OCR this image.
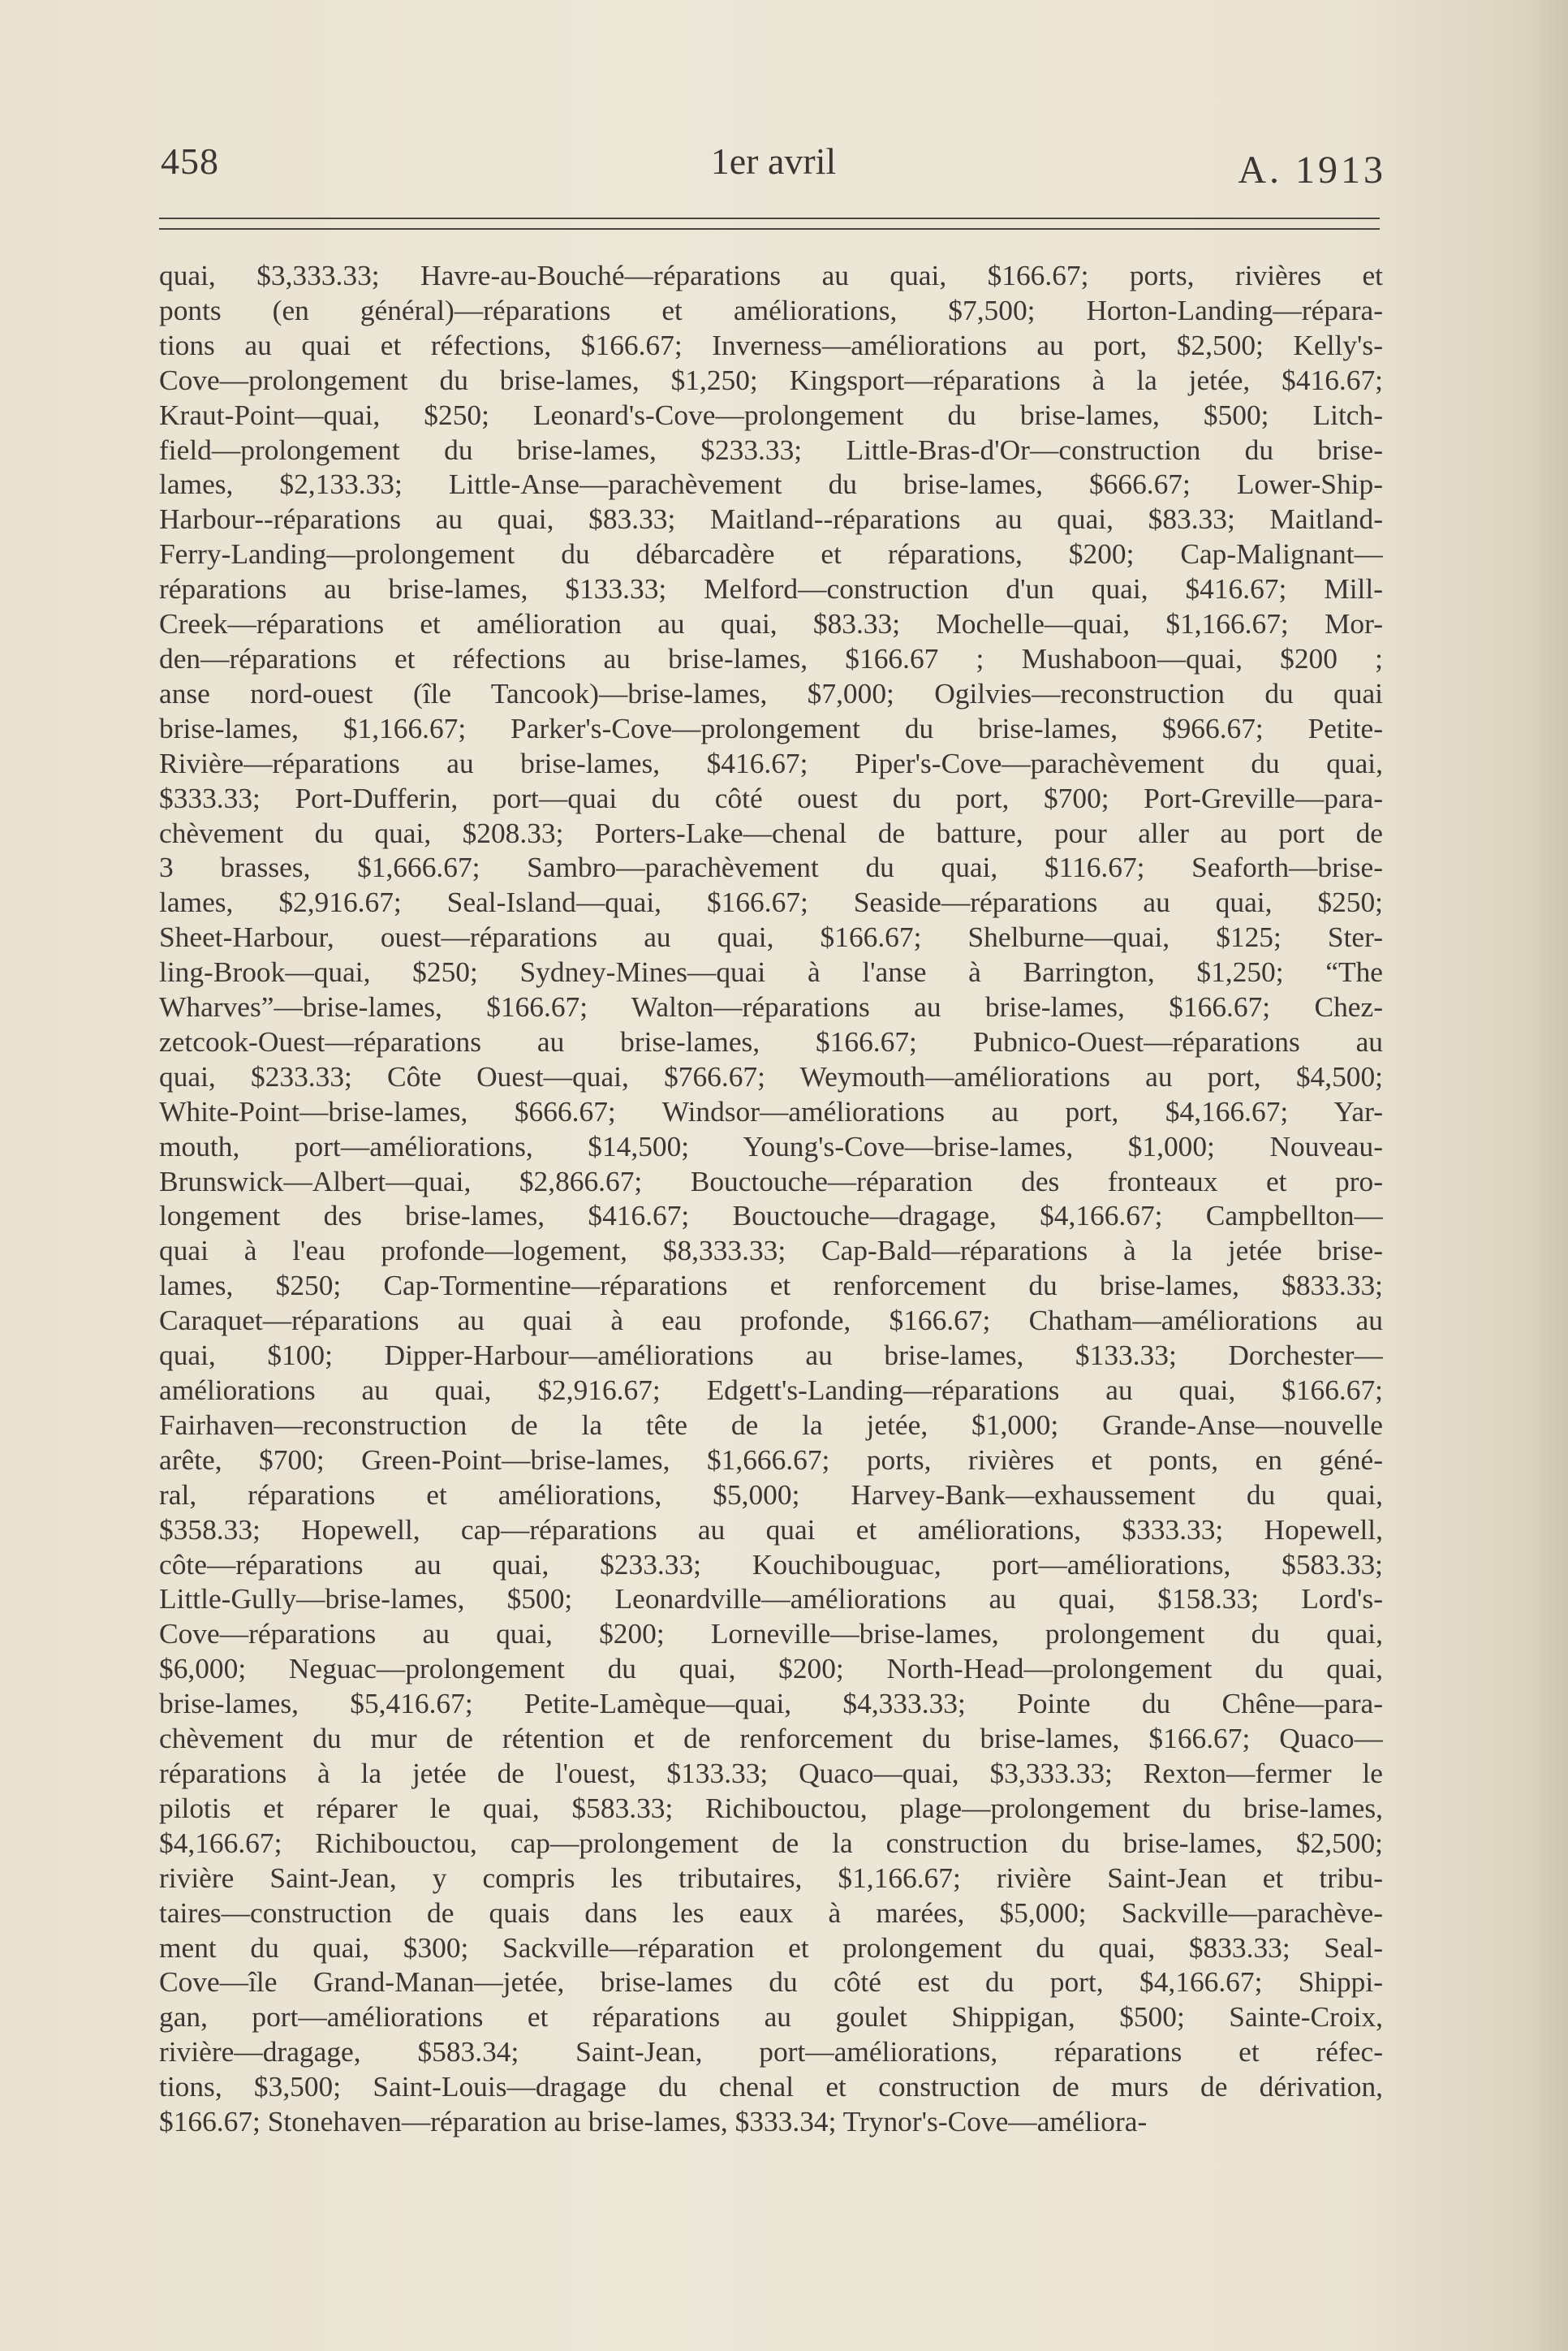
458	1er avril	A. 1913
quai, $3,333.33; Havre-au-Bouché—réparations au quai, $166.67; ports, rivières et
ponts (en général)—réparations et améliorations, $7,500; Horton-Landing—répara-
tions au quai et réfections, $166.67; Inverness—améliorations au port, $2,500; Kelly's-
Cove—prolongement du brise-lames, $1,250; Kingsport—réparations à la jetée, $416.67;
Kraut-Point—quai, $250; Leonard's-Cove—prolongement du brise-lames, $500; Litch-
field—prolongement du brise-lames, $233.33; Little-Bras-d'Or—construction du brise-
lames, $2,133.33; Little-Anse—parachèvement du brise-lames, $666.67; Lower-Ship-
Harbour--réparations au quai, $83.33; Maitland--réparations au quai, $83.33; Maitland-
Ferry-Landing—prolongement du débarcadère et réparations, $200; Cap-Malignant—
réparations au brise-lames, $133.33; Melford—construction d'un quai, $416.67; Mill-
Creek—réparations et amélioration au quai, $83.33; Mochelle—quai, $1,166.67; Mor-
den—réparations et réfections au brise-lames, $166.67 ; Mushaboon—quai, $200 ;
anse nord-ouest (île Tancook)—brise-lames, $7,000; Ogilvies—reconstruction du quai
brise-lames, $1,166.67; Parker's-Cove—prolongement du brise-lames, $966.67; Petite-
Rivière—réparations au brise-lames, $416.67; Piper's-Cove—parachèvement du quai,
$333.33; Port-Dufferin, port—quai du côté ouest du port, $700; Port-Greville—para-
chèvement du quai, $208.33; Porters-Lake—chenal de batture, pour aller au port de
3 brasses, $1,666.67; Sambro—parachèvement du quai, $116.67; Seaforth—brise-
lames, $2,916.67; Seal-Island—quai, $166.67; Seaside—réparations au quai, $250;
Sheet-Harbour, ouest—réparations au quai, $166.67; Shelburne—quai, $125; Ster-
ling-Brook—quai, $250; Sydney-Mines—quai à l'anse à Barrington, $1,250; “The
Wharves”—brise-lames, $166.67; Walton—réparations au brise-lames, $166.67; Chez-
zetcook-Ouest—réparations au brise-lames, $166.67; Pubnico-Ouest—réparations au
quai, $233.33; Côte Ouest—quai, $766.67; Weymouth—améliorations au port, $4,500;
White-Point—brise-lames, $666.67; Windsor—améliorations au port, $4,166.67; Yar-
mouth, port—améliorations, $14,500; Young's-Cove—brise-lames, $1,000; Nouveau-
Brunswick—Albert—quai, $2,866.67; Bouctouche—réparation des fronteaux et pro-
longement des brise-lames, $416.67; Bouctouche—dragage, $4,166.67; Campbellton—
quai à l'eau profonde—logement, $8,333.33; Cap-Bald—réparations à la jetée brise-
lames, $250; Cap-Tormentine—réparations et renforcement du brise-lames, $833.33;
Caraquet—réparations au quai à eau profonde, $166.67; Chatham—améliorations au
quai, $100; Dipper-Harbour—améliorations au brise-lames, $133.33; Dorchester—
améliorations au quai, $2,916.67; Edgett's-Landing—réparations au quai, $166.67;
Fairhaven—reconstruction de la tête de la jetée, $1,000; Grande-Anse—nouvelle
arête, $700; Green-Point—brise-lames, $1,666.67; ports, rivières et ponts, en géné-
ral, réparations et améliorations, $5,000; Harvey-Bank—exhaussement du quai,
$358.33; Hopewell, cap—réparations au quai et améliorations, $333.33; Hopewell,
côte—réparations au quai, $233.33; Kouchibouguac, port—améliorations, $583.33;
Little-Gully—brise-lames, $500; Leonardville—améliorations au quai, $158.33; Lord's-
Cove—réparations au quai, $200; Lorneville—brise-lames, prolongement du quai,
$6,000; Neguac—prolongement du quai, $200; North-Head—prolongement du quai,
brise-lames, $5,416.67; Petite-Lamèque—quai, $4,333.33; Pointe du Chêne—para-
chèvement du mur de rétention et de renforcement du brise-lames, $166.67; Quaco—
réparations à la jetée de l'ouest, $133.33; Quaco—quai, $3,333.33; Rexton—fermer le
pilotis et réparer le quai, $583.33; Richibouctou, plage—prolongement du brise-lames,
$4,166.67; Richibouctou, cap—prolongement de la construction du brise-lames, $2,500;
rivière Saint-Jean, y compris les tributaires, $1,166.67; rivière Saint-Jean et tribu-
taires—construction de quais dans les eaux à marées, $5,000; Sackville—parachève-
ment du quai, $300; Sackville—réparation et prolongement du quai, $833.33; Seal-
Cove—île Grand-Manan—jetée, brise-lames du côté est du port, $4,166.67; Shippi-
gan, port—améliorations et réparations au goulet Shippigan, $500; Sainte-Croix,
rivière—dragage, $583.34; Saint-Jean, port—améliorations, réparations et réfec-
tions, $3,500; Saint-Louis—dragage du chenal et construction de murs de dérivation,
$166.67; Stonehaven—réparation au brise-lames, $333.34; Trynor's-Cove—améliora-
